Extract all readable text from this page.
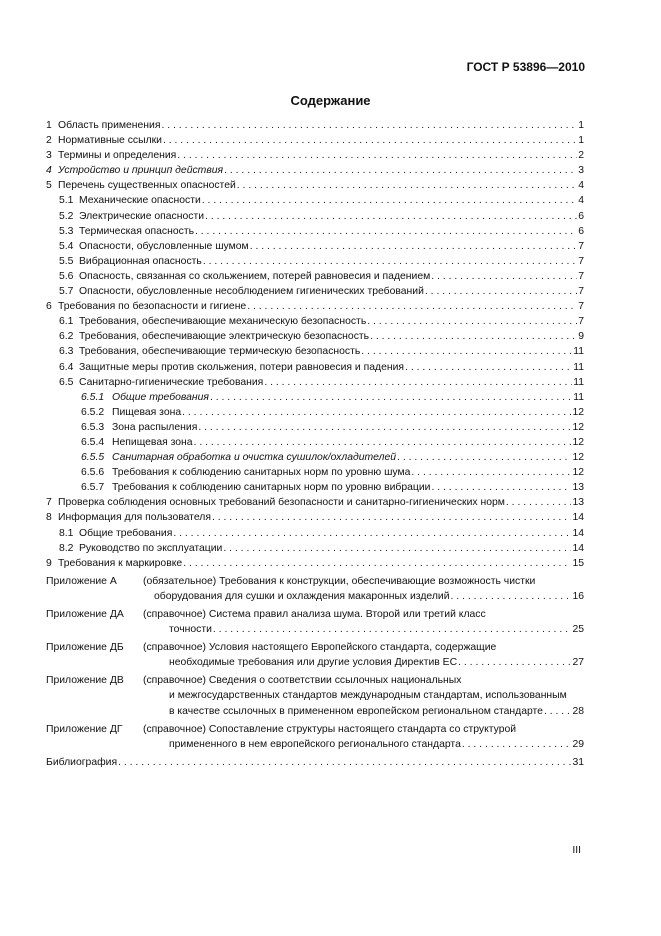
ГОСТ Р 53896—2010
Содержание
1 Область применения . . .	1
2 Нормативные ссылки . . .	1
3 Термины и определения . . .	2
4 Устройство и принцип действия . . .	3
5 Перечень существенных опасностей . . .	4
5.1 Механические опасности . . .	4
5.2 Электрические опасности . . .	6
5.3 Термическая опасность . . .	6
5.4 Опасности, обусловленные шумом . . .	7
5.5 Вибрационная опасность . . .	7
5.6 Опасность, связанная со скольжением, потерей равновесия и падением . . .	7
5.7 Опасности, обусловленные несоблюдением гигиенических требований . . .	7
6 Требования по безопасности и гигиене . . .	7
6.1 Требования, обеспечивающие механическую безопасность . . .	7
6.2 Требования, обеспечивающие электрическую безопасность . . .	9
6.3 Требования, обеспечивающие термическую безопасность . . .	11
6.4 Защитные меры против скольжения, потери равновесия и падения . . .	11
6.5 Санитарно-гигиенические требования . . .	11
6.5.1 Общие требования . . .	11
6.5.2 Пищевая зона . . .	12
6.5.3 Зона распыления . . .	12
6.5.4 Непищевая зона . . .	12
6.5.5 Санитарная обработка и очистка сушилок/охладителей . . .	12
6.5.6 Требования к соблюдению санитарных норм по уровню шума . . .	12
6.5.7 Требования к соблюдению санитарных норм по уровню вибрации . . .	13
7 Проверка соблюдения основных требований безопасности и санитарно-гигиенических норм . . .	13
8 Информация для пользователя . . .	14
8.1 Общие требования . . .	14
8.2 Руководство по эксплуатации . . .	14
9 Требования к маркировке . . .	15
Приложение А	(обязательное) Требования к конструкции, обеспечивающие возможность чистки
оборудования для сушки и охлаждения макаронных изделий . . .	16
Приложение ДА	(справочное) Система правил анализа шума. Второй или третий класс
точности . . .	25
Приложение ДБ	(справочное) Условия настоящего Европейского стандарта, содержащие
необходимые требования или другие условия Директив ЕС . . .	27
Приложение ДВ	(справочное) Сведения о соответствии ссылочных национальных
и межгосударственных стандартов международным стандартам, использованным
в качестве ссылочных в примененном европейском региональном стандарте . . .	28
Приложение ДГ	(справочное) Сопоставление структуры настоящего стандарта со структурой
примененного в нем европейского регионального стандарта . . .	29
Библиография . . .	31
III
